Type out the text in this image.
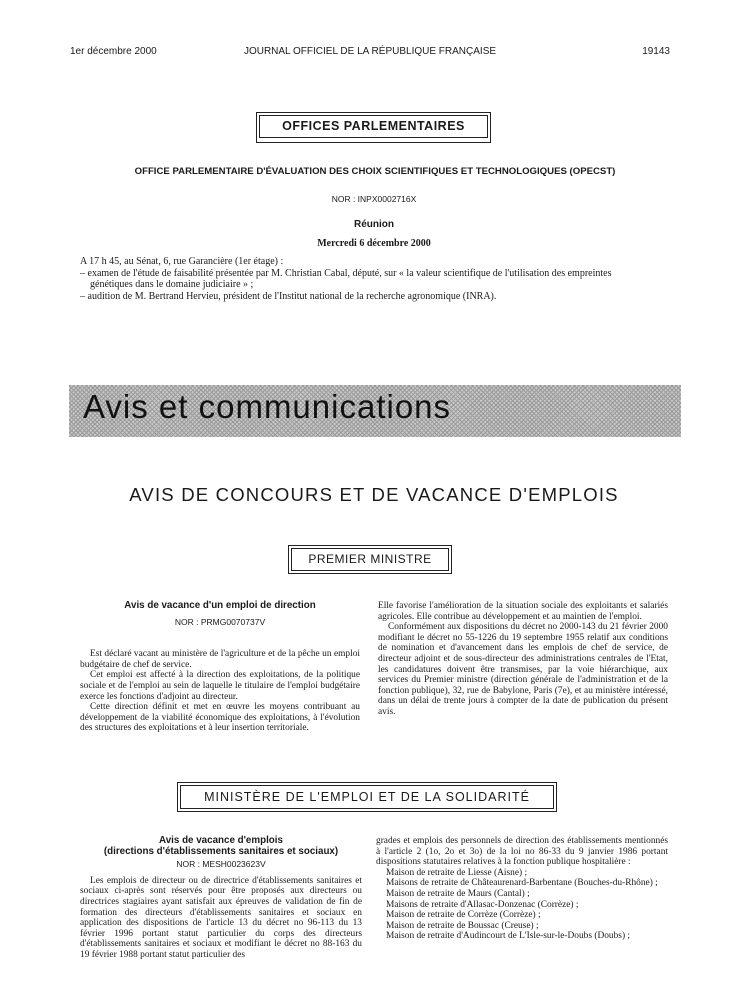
1er décembre 2000	JOURNAL OFFICIEL DE LA RÉPUBLIQUE FRANÇAISE	19143
OFFICES PARLEMENTAIRES
OFFICE PARLEMENTAIRE D'ÉVALUATION DES CHOIX SCIENTIFIQUES ET TECHNOLOGIQUES (OPECST)
NOR : INPX0002716X
Réunion
Mercredi 6 décembre 2000

A 17 h 45, au Sénat, 6, rue Garancière (1er étage) :

– examen de l'étude de faisabilité présentée par M. Christian Cabal, député, sur « la valeur scientifique de l'utilisation des empreintes

génétiques dans le domaine judiciaire » ;

– audition de M. Bertrand Hervieu, président de l'Institut national de la recherche agronomique (INRA).

Avis et communications
AVIS DE CONCOURS ET DE VACANCE D'EMPLOIS
PREMIER MINISTRE
Avis de vacance d'un emploi de direction
NOR : PRMG0070737V

Est déclaré vacant au ministère de l'agriculture et de la pêche un emploi budgétaire de chef de service.

Cet emploi est affecté à la direction des exploitations, de la politique sociale et de l'emploi au sein de laquelle le titulaire de l'emploi budgétaire exerce les fonctions d'adjoint au directeur.

Cette direction définit et met en œuvre les moyens contribuant au développement de la viabilité économique des exploitations, à l'évolution des structures des exploitations et à leur insertion territoriale.

Elle favorise l'amélioration de la situation sociale des exploitants et salariés agricoles. Elle contribue au développement et au maintien de l'emploi.

Conformément aux dispositions du décret no 2000-143 du 21 février 2000 modifiant le décret no 55-1226 du 19 septembre 1955 relatif aux conditions de nomination et d'avancement dans les emplois de chef de service, de directeur adjoint et de sous-directeur des administrations centrales de l'Etat, les candidatures doivent être transmises, par la voie hiérarchique, aux services du Premier ministre (direction générale de l'administration et de la fonction publique), 32, rue de Babylone, Paris (7e), et au ministère intéressé, dans un délai de trente jours à compter de la date de publication du présent avis.

MINISTÈRE DE L'EMPLOI ET DE LA SOLIDARITÉ
Avis de vacance d'emplois
(directions d'établissements sanitaires et sociaux)
NOR : MESH0023623V

Les emplois de directeur ou de directrice d'établissements sanitaires et sociaux ci-après sont réservés pour être proposés aux directeurs ou directrices stagiaires ayant satisfait aux épreuves de validation de fin de formation des directeurs d'établissements sanitaires et sociaux en application des dispositions de l'article 13 du décret no 96-113 du 13 février 1996 portant statut particulier du corps des directeurs d'établissements sanitaires et sociaux et modifiant le décret no 88-163 du 19 février 1988 portant statut particulier des

grades et emplois des personnels de direction des établissements mentionnés à l'article 2 (1o, 2o et 3o) de la loi no 86-33 du 9 janvier 1986 portant dispositions statutaires relatives à la fonction publique hospitalière :

Maison de retraite de Liesse (Aisne) ;

Maisons de retraite de Châteaurenard-Barbentane (Bouches-du-Rhône) ;

Maison de retraite de Maurs (Cantal) ;

Maisons de retraite d'Allasac-Donzenac (Corrèze) ;

Maison de retraite de Corrèze (Corrèze) ;

Maison de retraite de Boussac (Creuse) ;

Maison de retraite d'Audincourt de L'Isle-sur-le-Doubs (Doubs) ;
